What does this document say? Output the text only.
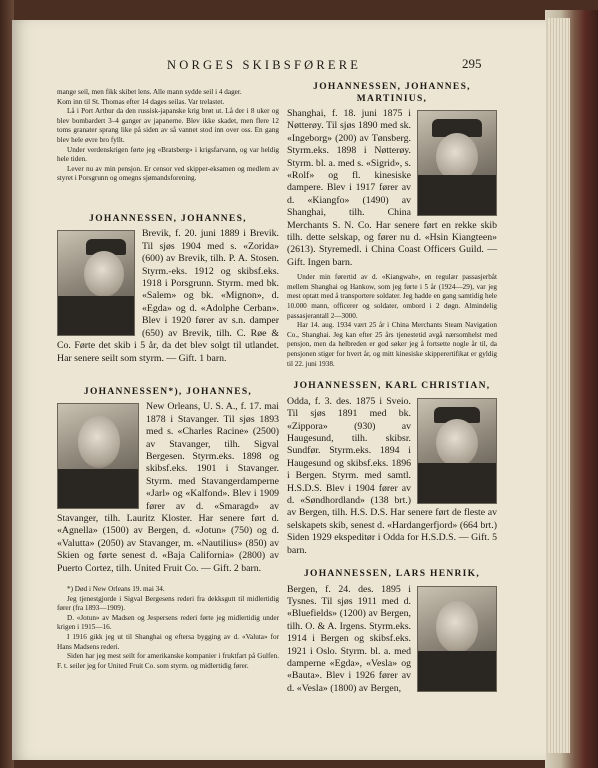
NORGES SKIBSFØRERE	295

mange seil, men fikk skibet lens. Alle mann sydde seil i 4 dager.

Kom inn til St. Thomas efter 14 dages seilas. Var trelastet.

Lå i Port Arthur da den russisk-japanske krig brøt ut. Lå der i 8 uker og blev bombardert 3–4 ganger av japanerne. Blev ikke skadet, men flere 12 toms granater sprang like på siden av så vannet stod inn over oss. En gang blev hele øvre bro fyllt.

Under verdenskrigen førte jeg «Bratsberg» i krigsfarvann, og var heldig hele tiden.

Lever nu av min pensjon. Er censor ved skipper-eksamen og medlem av styret i Porsgrunn og omegns sjømandsforening.

JOHANNESSEN, JOHANNES,

Brevik, f. 20. juni 1889 i Brevik. Til sjøs 1904 med s. «Zorida» (600) av Brevik, tilh. P. A. Stosen. Styrm.-eks. 1912 og skibsf.eks. 1918 i Porsgrunn. Styrm. med bk. «Salem» og bk. «Mignon», d. «Egda» og d. «Adolphe Cerban». Blev i 1920 fører av s.n. damper (650) av Brevik, tilh. C. Røe & Co. Førte det skib i 5 år, da det blev solgt til utlandet. Har senere seilt som styrm. — Gift. 1 barn.

JOHANNESSEN*), JOHANNES,

New Orleans, U. S. A., f. 17. mai 1878 i Stavanger. Til sjøs 1893 med s. «Charles Racine» (2500) av Stavanger, tilh. Sigval Bergesen. Styrm.eks. 1898 og skibsf.eks. 1901 i Stavanger. Styrm. med Stavangerdamperne «Jarl» og «Kalfond». Blev i 1909 fører av d. «Smaragd» av Stavanger, tilh. Lauritz Kloster. Har senere ført d. «Agnella» (1500) av Bergen, d. «Jotun» (750) og d. «Valutta» (2050) av Stavanger, m. «Nautilius» (850) av Skien og førte senest d. «Baja California» (2800) av Puerto Cortez, tilh. United Fruit Co. — Gift. 2 barn.

*) Død i New Orleans 19. mai 34.

Jeg tjenestgjorde i Sigval Bergesens rederi fra dekksgutt til midlertidig fører (fra 1893—1909).

D. «Jotun» av Madsen og Jespersens rederi førte jeg midlertidig under krigen i 1915—16.

I 1916 gikk jeg ut til Shanghai og eftersa bygging av d. «Valuta» for Hans Madsens rederi.

Siden har jeg mest seilt for amerikanske kompanier i fruktfart på Gulfen. F. t. seiler jeg for United Fruit Co. som styrm. og midlertidig fører.

JOHANNESSEN, JOHANNES,
MARTINIUS,

Shanghai, f. 18. juni 1875 i Nøtterøy. Til sjøs 1890 med sk. «Ingeborg» (200) av Tønsberg. Styrm.eks. 1898 i Nøtterøy. Styrm. bl. a. med s. «Sigrid», s. «Rolf» og fl. kinesiske dampere. Blev i 1917 fører av d. «Kiangfo» (1490) av Shanghai, tilh. China Merchants S. N. Co. Har senere ført en rekke skib tilh. dette selskap, og fører nu d. «Hsin Kiangteen» (2613). Styremedl. i China Coast Officers Guild. — Gift. Ingen barn.

Under min førertid av d. «Kiangwah», en regulær passasjerbåt mellem Shanghai og Hankow, som jeg førte i 5 år (1924—29), var jeg mest optatt med å transportere soldater. Jeg hadde en gang samtidig hele 10.000 mann, officerer og soldater, ombord i 2 døgn. Almindelig passasjerantall 2—3000.

Har 14. aug. 1934 vært 25 år i China Merchants Steam Navigation Co., Shanghai. Jeg kan efter 25 års tjenestetid avgå nærsomhelst med pensjon, men da helbreden er god søker jeg å fortsette nogle år til, da pensjonen stiger for hvert år, og mitt kinesiske skipperertifikat er gyldig til 22. juni 1938.

JOHANNESSEN, KARL CHRISTIAN,

Odda, f. 3. des. 1875 i Sveio. Til sjøs 1891 med bk. «Zippora» (930) av Haugesund, tilh. skibsr. Sundfør. Styrm.eks. 1894 i Haugesund og skibsf.eks. 1896 i Bergen. Styrm. med samtl. H.S.D.S. Blev i 1904 fører av d. «Søndhordland» (138 brt.) av Bergen, tilh. H.S. D.S. Har senere ført de fleste av selskapets skib, senest d. «Hardangerfjord» (664 brt.) Siden 1929 ekspeditør i Odda for H.S.D.S. — Gift. 5 barn.

JOHANNESSEN, LARS HENRIK,

Bergen, f. 24. des. 1895 i Tysnes. Til sjøs 1911 med d. «Bluefields» (1200) av Bergen, tilh. O. & A. Irgens. Styrm.eks. 1914 i Bergen og skibsf.eks. 1921 i Oslo. Styrm. bl. a. med damperne «Egda», «Vesla» og «Bauta». Blev i 1926 fører av d. «Vesla» (1800) av Bergen,
